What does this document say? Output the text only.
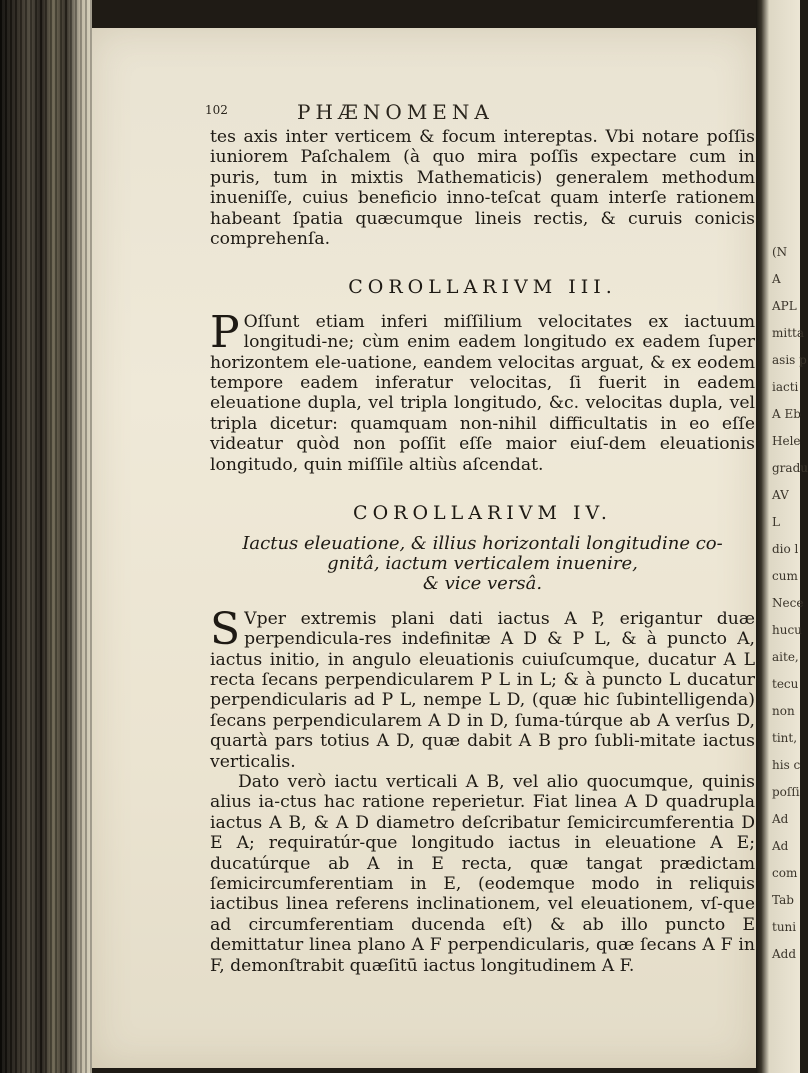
(N
A
APL
mitta
asis p
iacti
A Eb
Hele
gradu
AV
L
dio l
cum
Nece
hucu
aite,
tecu
non
tint,
his c
poſſi
Ad
Ad
com
Tab
tuni
Add
102	PHÆNOMENA

tes axis inter verticem & focum intereptas. Vbi notare poſſis iuniorem Paſchalem (à quo mira poſſis expectare cum in puris, tum in mixtis Mathematicis) generalem methodum inueniſſe, cuius beneficio inno-teſcat quam interſe rationem habeant ſpatia quæcumque lineis rectis, & curuis conicis comprehenſa.

COROLLARIVM III.

P Oſſunt etiam inferi miſſilium velocitates ex iactuum longitudi-ne; cùm enim eadem longitudo ex eadem ſuper horizontem ele-uatione, eandem velocitas arguat, & ex eodem tempore eadem inferatur velocitas, ſi fuerit in eadem eleuatione dupla, vel tripla longitudo, &c. velocitas dupla, vel tripla dicetur: quamquam non-nihil difficultatis in eo eſſe videatur quòd non poſſit eſſe maior eiuſ-dem eleuationis longitudo, quin miſſile altiùs aſcendat.

COROLLARIVM IV.
Iactus eleuatione, & illius horizontali longitudine co-
gnitâ, iactum verticalem inuenire,
& vice versâ.

S Vper extremis plani dati iactus A P, erigantur duæ perpendicula-res indefinitæ A D & P L, & à puncto A, iactus initio, in angulo eleuationis cuiuſcumque, ducatur A L recta ſecans perpendicularem P L in L; & à puncto L ducatur perpendicularis ad P L, nempe L D, (quæ hic ſubintelligenda) ſecans perpendicularem A D in D, ſuma-túrque ab A verſus D, quartà pars totius A D, quæ dabit A B pro ſubli-mitate iactus verticalis.

Dato verò iactu verticali A B, vel alio quocumque, quinis alius ia-ctus hac ratione reperietur. Fiat linea A D quadrupla iactus A B, & A D diametro deſcribatur ſemicircumferentia D E A; requiratúr-que longitudo iactus in eleuatione A E; ducatúrque ab A in E recta, quæ tangat prædictam ſemicircumferentiam in E, (eodemque modo in reliquis iactibus linea referens inclinationem, vel eleuationem, vſ-que ad circumferentiam ducenda eſt) & ab illo puncto E demittatur linea plano A F perpendicularis, quæ ſecans A F in F, demonſtrabit quæſitū iactus longitudinem A F.
